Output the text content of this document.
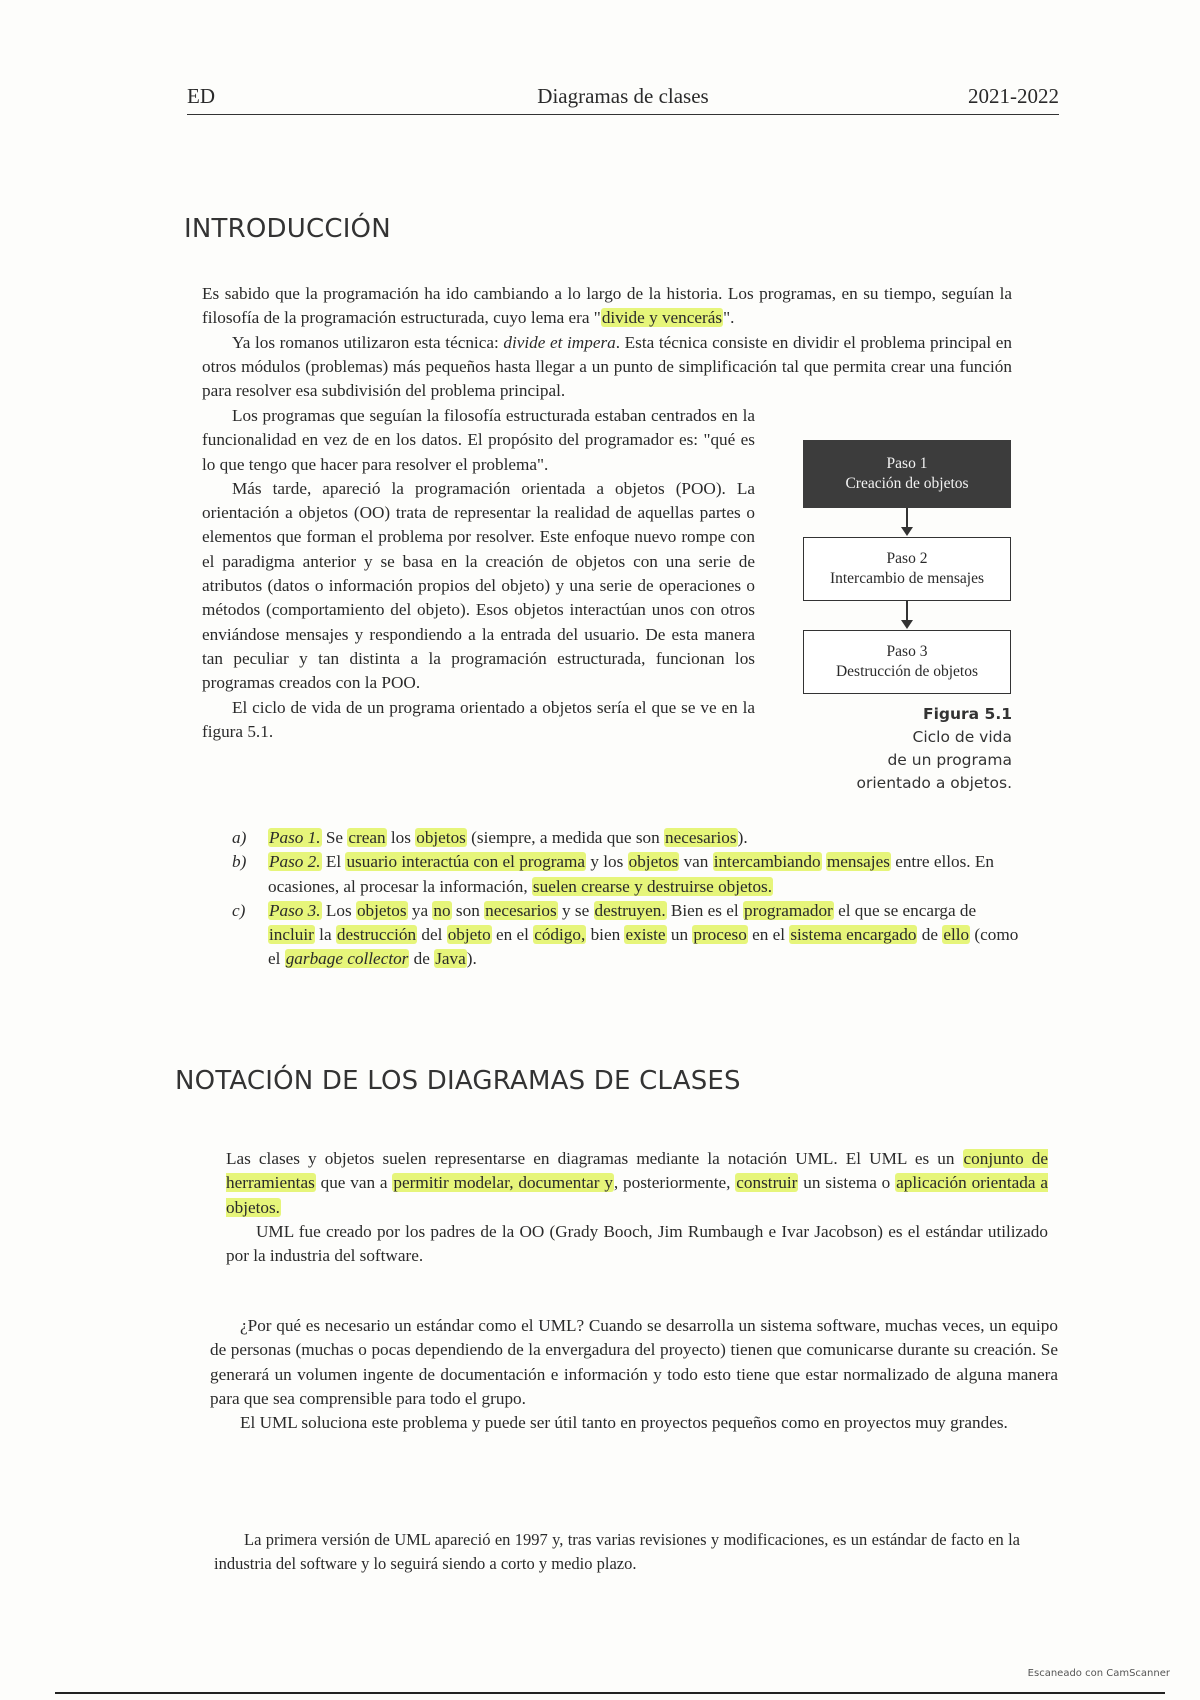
ED	Diagramas de clases	2021-2022
INTRODUCCIÓN

Es sabido que la programación ha ido cambiando a lo largo de la historia. Los programas, en su tiempo, seguían la filosofía de la programación estructurada, cuyo lema era "divide y vencerás".

Ya los romanos utilizaron esta técnica: divide et impera. Esta técnica consiste en dividir el problema principal en otros módulos (problemas) más pequeños hasta llegar a un punto de simplificación tal que permita crear una función para resolver esa subdivisión del problema principal.

Los programas que seguían la filosofía estructurada estaban centrados en la funcionalidad en vez de en los datos. El propósito del programador es: "qué es lo que tengo que hacer para resolver el problema".

Más tarde, apareció la programación orientada a objetos (POO). La orientación a objetos (OO) trata de representar la realidad de aquellas partes o elementos que forman el problema por resolver. Este enfoque nuevo rompe con el paradigma anterior y se basa en la creación de objetos con una serie de atributos (datos o información propios del objeto) y una serie de operaciones o métodos (comportamiento del objeto). Esos objetos interactúan unos con otros enviándose mensajes y respondiendo a la entrada del usuario. De esta manera tan peculiar y tan distinta a la programación estructurada, funcionan los programas creados con la POO.

El ciclo de vida de un programa orientado a objetos sería el que se ve en la figura 5.1.

Paso 1
Creación de objetos
Paso 2
Intercambio de mensajes
Paso 3
Destrucción de objetos
Figura 5.1
Ciclo de vida
de un programa
orientado a objetos.
a) Paso 1. Se crean los objetos (siempre, a medida que son necesarios).
b) Paso 2. El usuario interactúa con el programa y los objetos van intercambiando mensajes entre ellos. En ocasiones, al procesar la información, suelen crearse y destruirse objetos.
c) Paso 3. Los objetos ya no son necesarios y se destruyen. Bien es el programador el que se encarga de incluir la destrucción del objeto en el código, bien existe un proceso en el sistema encargado de ello (como el garbage collector de Java).
NOTACIÓN DE LOS DIAGRAMAS DE CLASES

Las clases y objetos suelen representarse en diagramas mediante la notación UML. El UML es un conjunto de herramientas que van a permitir modelar, documentar y, posteriormente, construir un sistema o aplicación orientada a objetos.

UML fue creado por los padres de la OO (Grady Booch, Jim Rumbaugh e Ivar Jacobson) es el estándar utilizado por la industria del software.

¿Por qué es necesario un estándar como el UML? Cuando se desarrolla un sistema software, muchas veces, un equipo de personas (muchas o pocas dependiendo de la envergadura del proyecto) tienen que comunicarse durante su creación. Se generará un volumen ingente de documentación e información y todo esto tiene que estar normalizado de alguna manera para que sea comprensible para todo el grupo.

El UML soluciona este problema y puede ser útil tanto en proyectos pequeños como en proyectos muy grandes.

La primera versión de UML apareció en 1997 y, tras varias revisiones y modificaciones, es un estándar de facto en la industria del software y lo seguirá siendo a corto y medio plazo.

Escaneado con CamScanner
